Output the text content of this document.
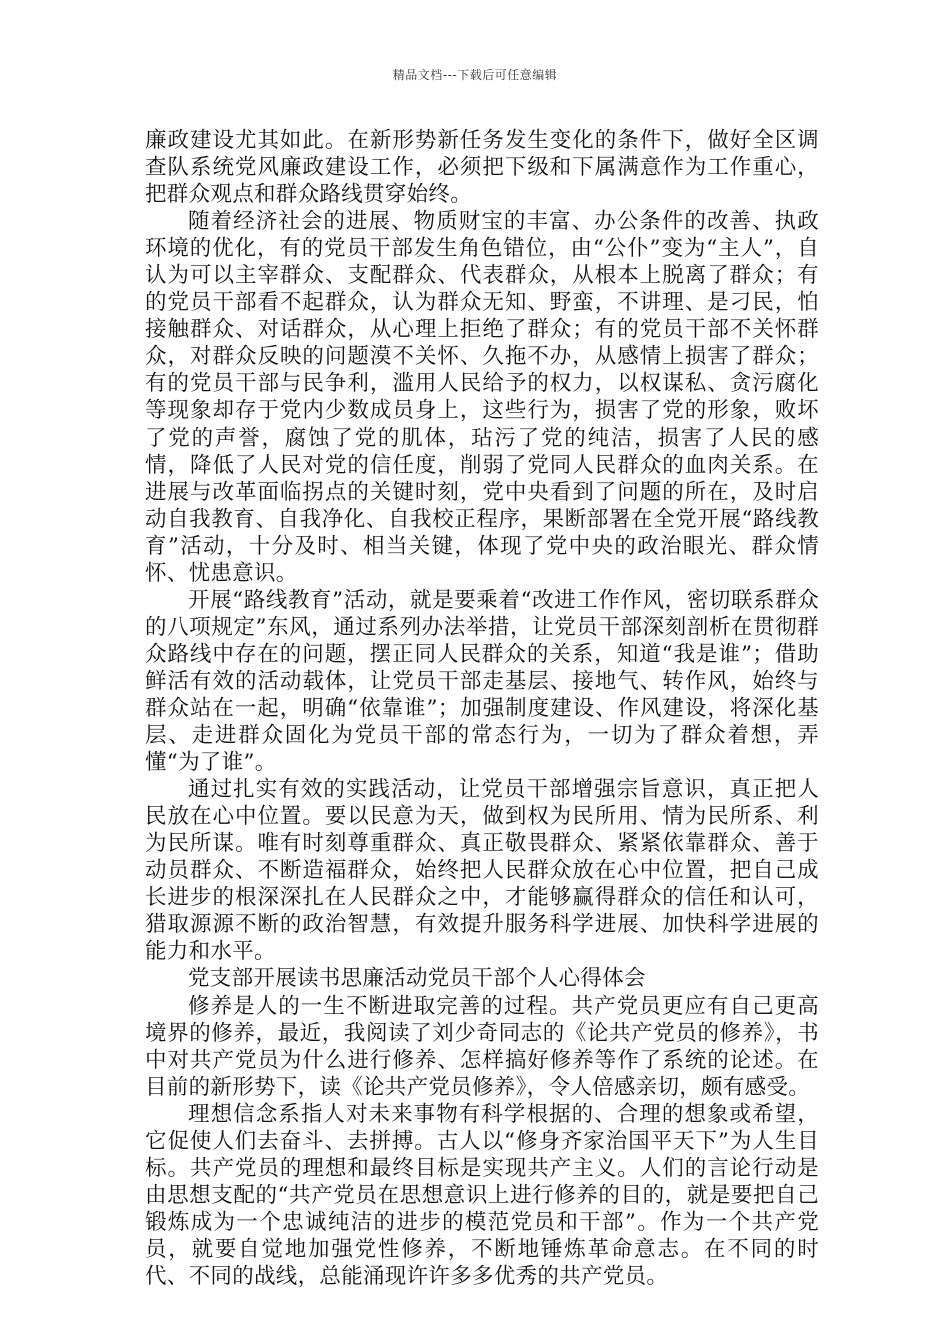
精品文档---下载后可任意编辑

廉政建设尤其如此。在新形势新任务发生变化的条件下，做好全区调查队系统党风廉政建设工作，必须把下级和下属满意作为工作重心，把群众观点和群众路线贯穿始终。

随着经济社会的进展、物质财宝的丰富、办公条件的改善、执政环境的优化，有的党员干部发生角色错位，由“公仆”变为“主人”，自认为可以主宰群众、支配群众、代表群众，从根本上脱离了群众；有的党员干部看不起群众，认为群众无知、野蛮，不讲理、是刁民，怕接触群众、对话群众，从心理上拒绝了群众；有的党员干部不关怀群众，对群众反映的问题漠不关怀、久拖不办，从感情上损害了群众；有的党员干部与民争利，滥用人民给予的权力，以权谋私、贪污腐化等现象却存于党内少数成员身上，这些行为，损害了党的形象，败坏了党的声誉，腐蚀了党的肌体，玷污了党的纯洁，损害了人民的感情，降低了人民对党的信任度，削弱了党同人民群众的血肉关系。在进展与改革面临拐点的关键时刻，党中央看到了问题的所在，及时启动自我教育、自我净化、自我校正程序，果断部署在全党开展“路线教育”活动，十分及时、相当关键，体现了党中央的政治眼光、群众情怀、忧患意识。

开展“路线教育”活动，就是要乘着“改进工作作风，密切联系群众的八项规定”东风，通过系列办法举措，让党员干部深刻剖析在贯彻群众路线中存在的问题，摆正同人民群众的关系，知道“我是谁”；借助鲜活有效的活动载体，让党员干部走基层、接地气、转作风，始终与群众站在一起，明确“依靠谁”；加强制度建设、作风建设，将深化基层、走进群众固化为党员干部的常态行为，一切为了群众着想，弄懂“为了谁”。

通过扎实有效的实践活动，让党员干部增强宗旨意识，真正把人民放在心中位置。要以民意为天，做到权为民所用、情为民所系、利为民所谋。唯有时刻尊重群众、真正敬畏群众、紧紧依靠群众、善于动员群众、不断造福群众，始终把人民群众放在心中位置，把自己成长进步的根深深扎在人民群众之中，才能够赢得群众的信任和认可，猎取源源不断的政治智慧，有效提升服务科学进展、加快科学进展的能力和水平。

党支部开展读书思廉活动党员干部个人心得体会

修养是人的一生不断进取完善的过程。共产党员更应有自己更高境界的修养，最近，我阅读了刘少奇同志的《论共产党员的修养》，书中对共产党员为什么进行修养、怎样搞好修养等作了系统的论述。在目前的新形势下，读《论共产党员修养》，令人倍感亲切，颇有感受。

理想信念系指人对未来事物有科学根据的、合理的想象或希望，它促使人们去奋斗、去拼搏。古人以“修身齐家治国平天下”为人生目标。共产党员的理想和最终目标是实现共产主义。人们的言论行动是由思想支配的“共产党员在思想意识上进行修养的目的，就是要把自己锻炼成为一个忠诚纯洁的进步的模范党员和干部”。作为一个共产党员，就要自觉地加强党性修养，不断地锤炼革命意志。在不同的时代、不同的战线，总能涌现许许多多优秀的共产党员。
